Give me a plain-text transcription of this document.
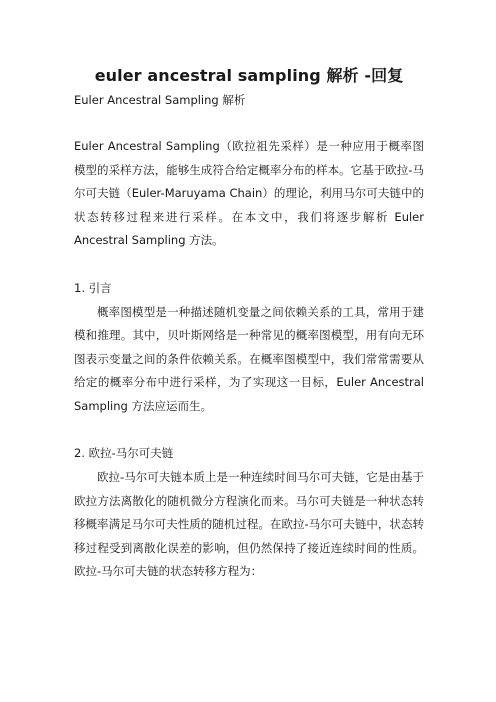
euler ancestral sampling 解析 -回复
Euler Ancestral Sampling 解析

Euler Ancestral Sampling（欧拉祖先采样）是一种应用于概率图模型的采样方法，能够生成符合给定概率分布的样本。它基于欧拉-马尔可夫链（Euler-Maruyama Chain）的理论，利用马尔可夫链中的状态转移过程来进行采样。在本文中，我们将逐步解析 Euler Ancestral Sampling 方法。

1. 引言

概率图模型是一种描述随机变量之间依赖关系的工具，常用于建模和推理。其中，贝叶斯网络是一种常见的概率图模型，用有向无环图表示变量之间的条件依赖关系。在概率图模型中，我们常常需要从给定的概率分布中进行采样，为了实现这一目标，Euler Ancestral Sampling 方法应运而生。

2. 欧拉-马尔可夫链

欧拉-马尔可夫链本质上是一种连续时间马尔可夫链，它是由基于欧拉方法离散化的随机微分方程演化而来。马尔可夫链是一种状态转移概率满足马尔可夫性质的随机过程。在欧拉-马尔可夫链中，状态转移过程受到离散化误差的影响，但仍然保持了接近连续时间的性质。欧拉-马尔可夫链的状态转移方程为：
